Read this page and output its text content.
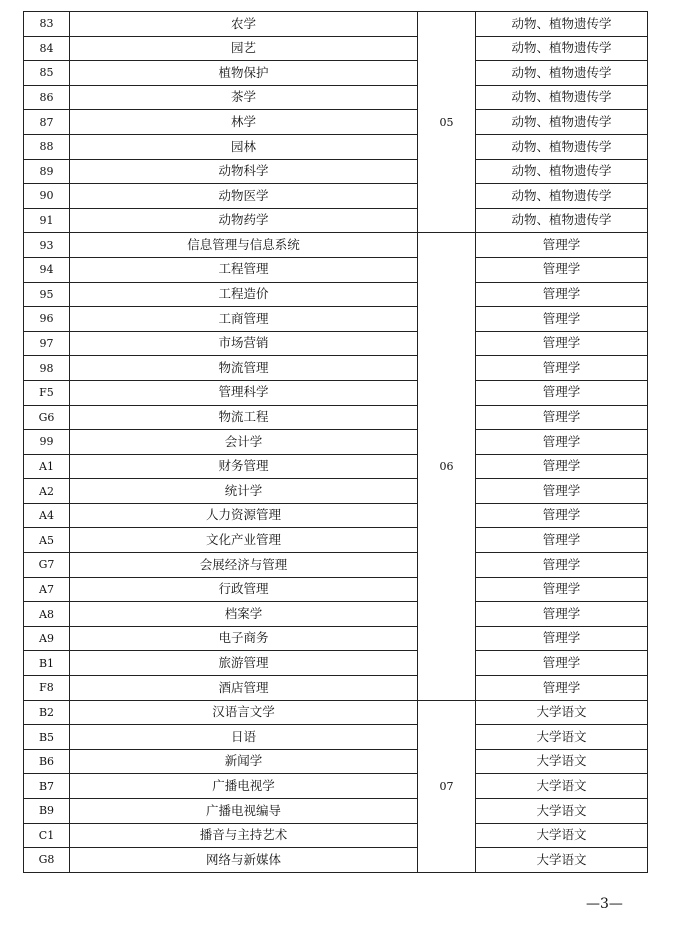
83	农学	05	动物、植物遗传学
84	园艺		动物、植物遗传学
85	植物保护		动物、植物遗传学
86	茶学		动物、植物遗传学
87	林学		动物、植物遗传学
88	园林		动物、植物遗传学
89	动物科学		动物、植物遗传学
90	动物医学		动物、植物遗传学
91	动物药学		动物、植物遗传学
93	信息管理与信息系统	06	管理学
94	工程管理		管理学
95	工程造价		管理学
96	工商管理		管理学
97	市场营销		管理学
98	物流管理		管理学
F5	管理科学		管理学
G6	物流工程		管理学
99	会计学		管理学
A1	财务管理		管理学
A2	统计学		管理学
A4	人力资源管理		管理学
A5	文化产业管理		管理学
G7	会展经济与管理		管理学
A7	行政管理		管理学
A8	档案学		管理学
A9	电子商务		管理学
B1	旅游管理		管理学
F8	酒店管理		管理学
B2	汉语言文学	07	大学语文
B5	日语		大学语文
B6	新闻学		大学语文
B7	广播电视学		大学语文
B9	广播电视编导		大学语文
C1	播音与主持艺术		大学语文
G8	网络与新媒体		大学语文
—3—
